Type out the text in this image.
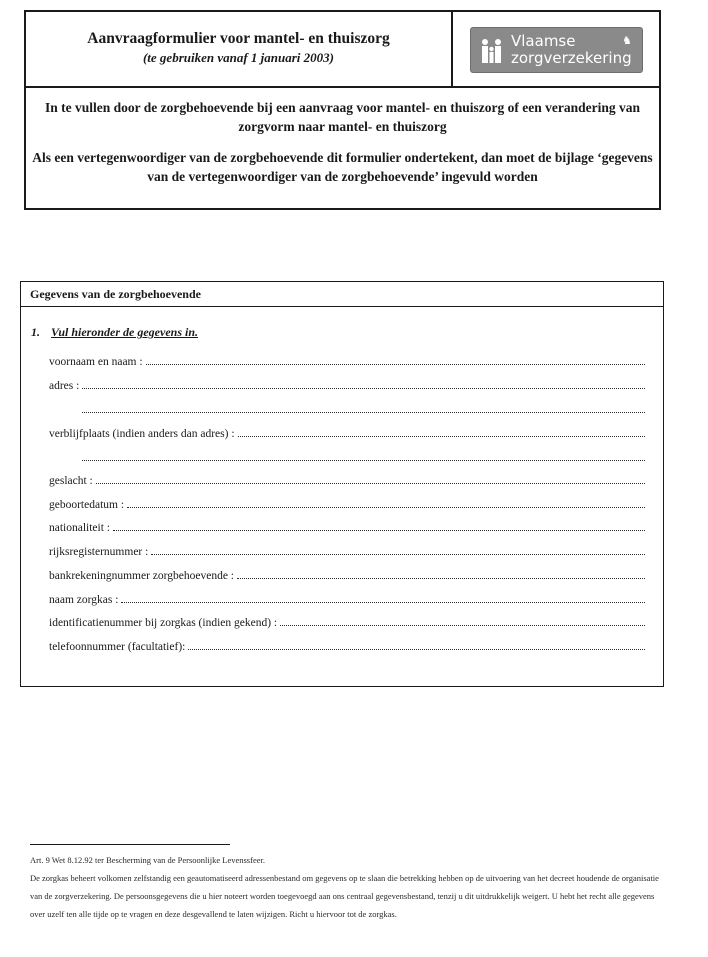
Aanvraagformulier voor mantel- en thuiszorg
(te gebruiken vanaf 1 januari 2003)
Vlaamse
zorgverzekering
♞

In te vullen door de zorgbehoevende bij een aanvraag voor mantel- en thuiszorg of een verandering van zorgvorm naar mantel- en thuiszorg

Als een vertegenwoordiger van de zorgbehoevende dit formulier ondertekent, dan moet de bijlage ‘gegevens van de vertegenwoordiger van de zorgbehoevende’ ingevuld worden

Gegevens van de zorgbehoevende
1. Vul hieronder de gegevens in.
voornaam en naam :
adres :
verblijfplaats (indien anders dan adres) :
geslacht :
geboortedatum :
nationaliteit :
rijksregisternummer :
bankrekeningnummer zorgbehoevende :
naam zorgkas :
identificatienummer bij zorgkas (indien gekend) :
telefoonnummer (facultatief):

Art. 9 Wet 8.12.92 ter Bescherming van de Persoonlijke Levenssfeer.

De zorgkas beheert volkomen zelfstandig een geautomatiseerd adressenbestand om gegevens op te slaan die betrekking hebben op de uitvoering van het decreet houdende de organisatie van de zorgverzekering. De persoonsgegevens die u hier noteert worden toegevoegd aan ons centraal gegevensbestand, tenzij u dit uitdrukkelijk weigert. U hebt het recht alle gegevens over uzelf ten alle tijde op te vragen en deze desgevallend te laten wijzigen. Richt u hiervoor tot de zorgkas.
